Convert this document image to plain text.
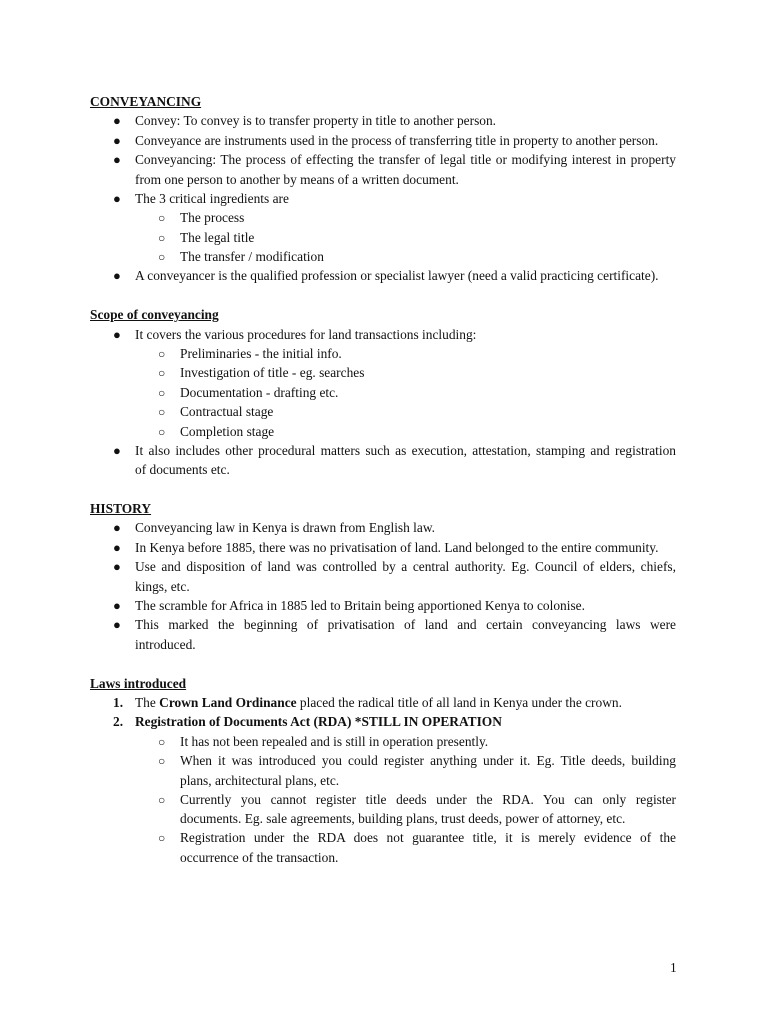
CONVEYANCING
● Convey: To convey is to transfer property in title to another person.
● Conveyance are instruments used in the process of transferring title in property to another person.
● Conveyancing: The process of effecting the transfer of legal title or modifying interest in property
from one person to another by means of a written document.
● The 3 critical ingredients are
○ The process
○ The legal title
○ The transfer / modification
● A conveyancer is the qualified profession or specialist lawyer (need a valid practicing certificate).
Scope of conveyancing
● It covers the various procedures for land transactions including:
○ Preliminaries - the initial info.
○ Investigation of title - eg. searches
○ Documentation - drafting etc.
○ Contractual stage
○ Completion stage
● It also includes other procedural matters such as execution, attestation, stamping and registration
of documents etc.
HISTORY
● Conveyancing law in Kenya is drawn from English law.
● In Kenya before 1885, there was no privatisation of land. Land belonged to the entire community.
● Use and disposition of land was controlled by a central authority. Eg. Council of elders, chiefs,
kings, etc.
● The scramble for Africa in 1885 led to Britain being apportioned Kenya to colonise.
● This marked the beginning of privatisation of land and certain conveyancing laws were
introduced.
Laws introduced
1. The Crown Land Ordinance placed the radical title of all land in Kenya under the crown.
2. Registration of Documents Act (RDA) *STILL IN OPERATION
○ It has not been repealed and is still in operation presently.
○ When it was introduced you could register anything under it. Eg. Title deeds, building
plans, architectural plans, etc.
○ Currently you cannot register title deeds under the RDA. You can only register
documents. Eg. sale agreements, building plans, trust deeds, power of attorney, etc.
○ Registration under the RDA does not guarantee title, it is merely evidence of the
occurrence of the transaction.
1
